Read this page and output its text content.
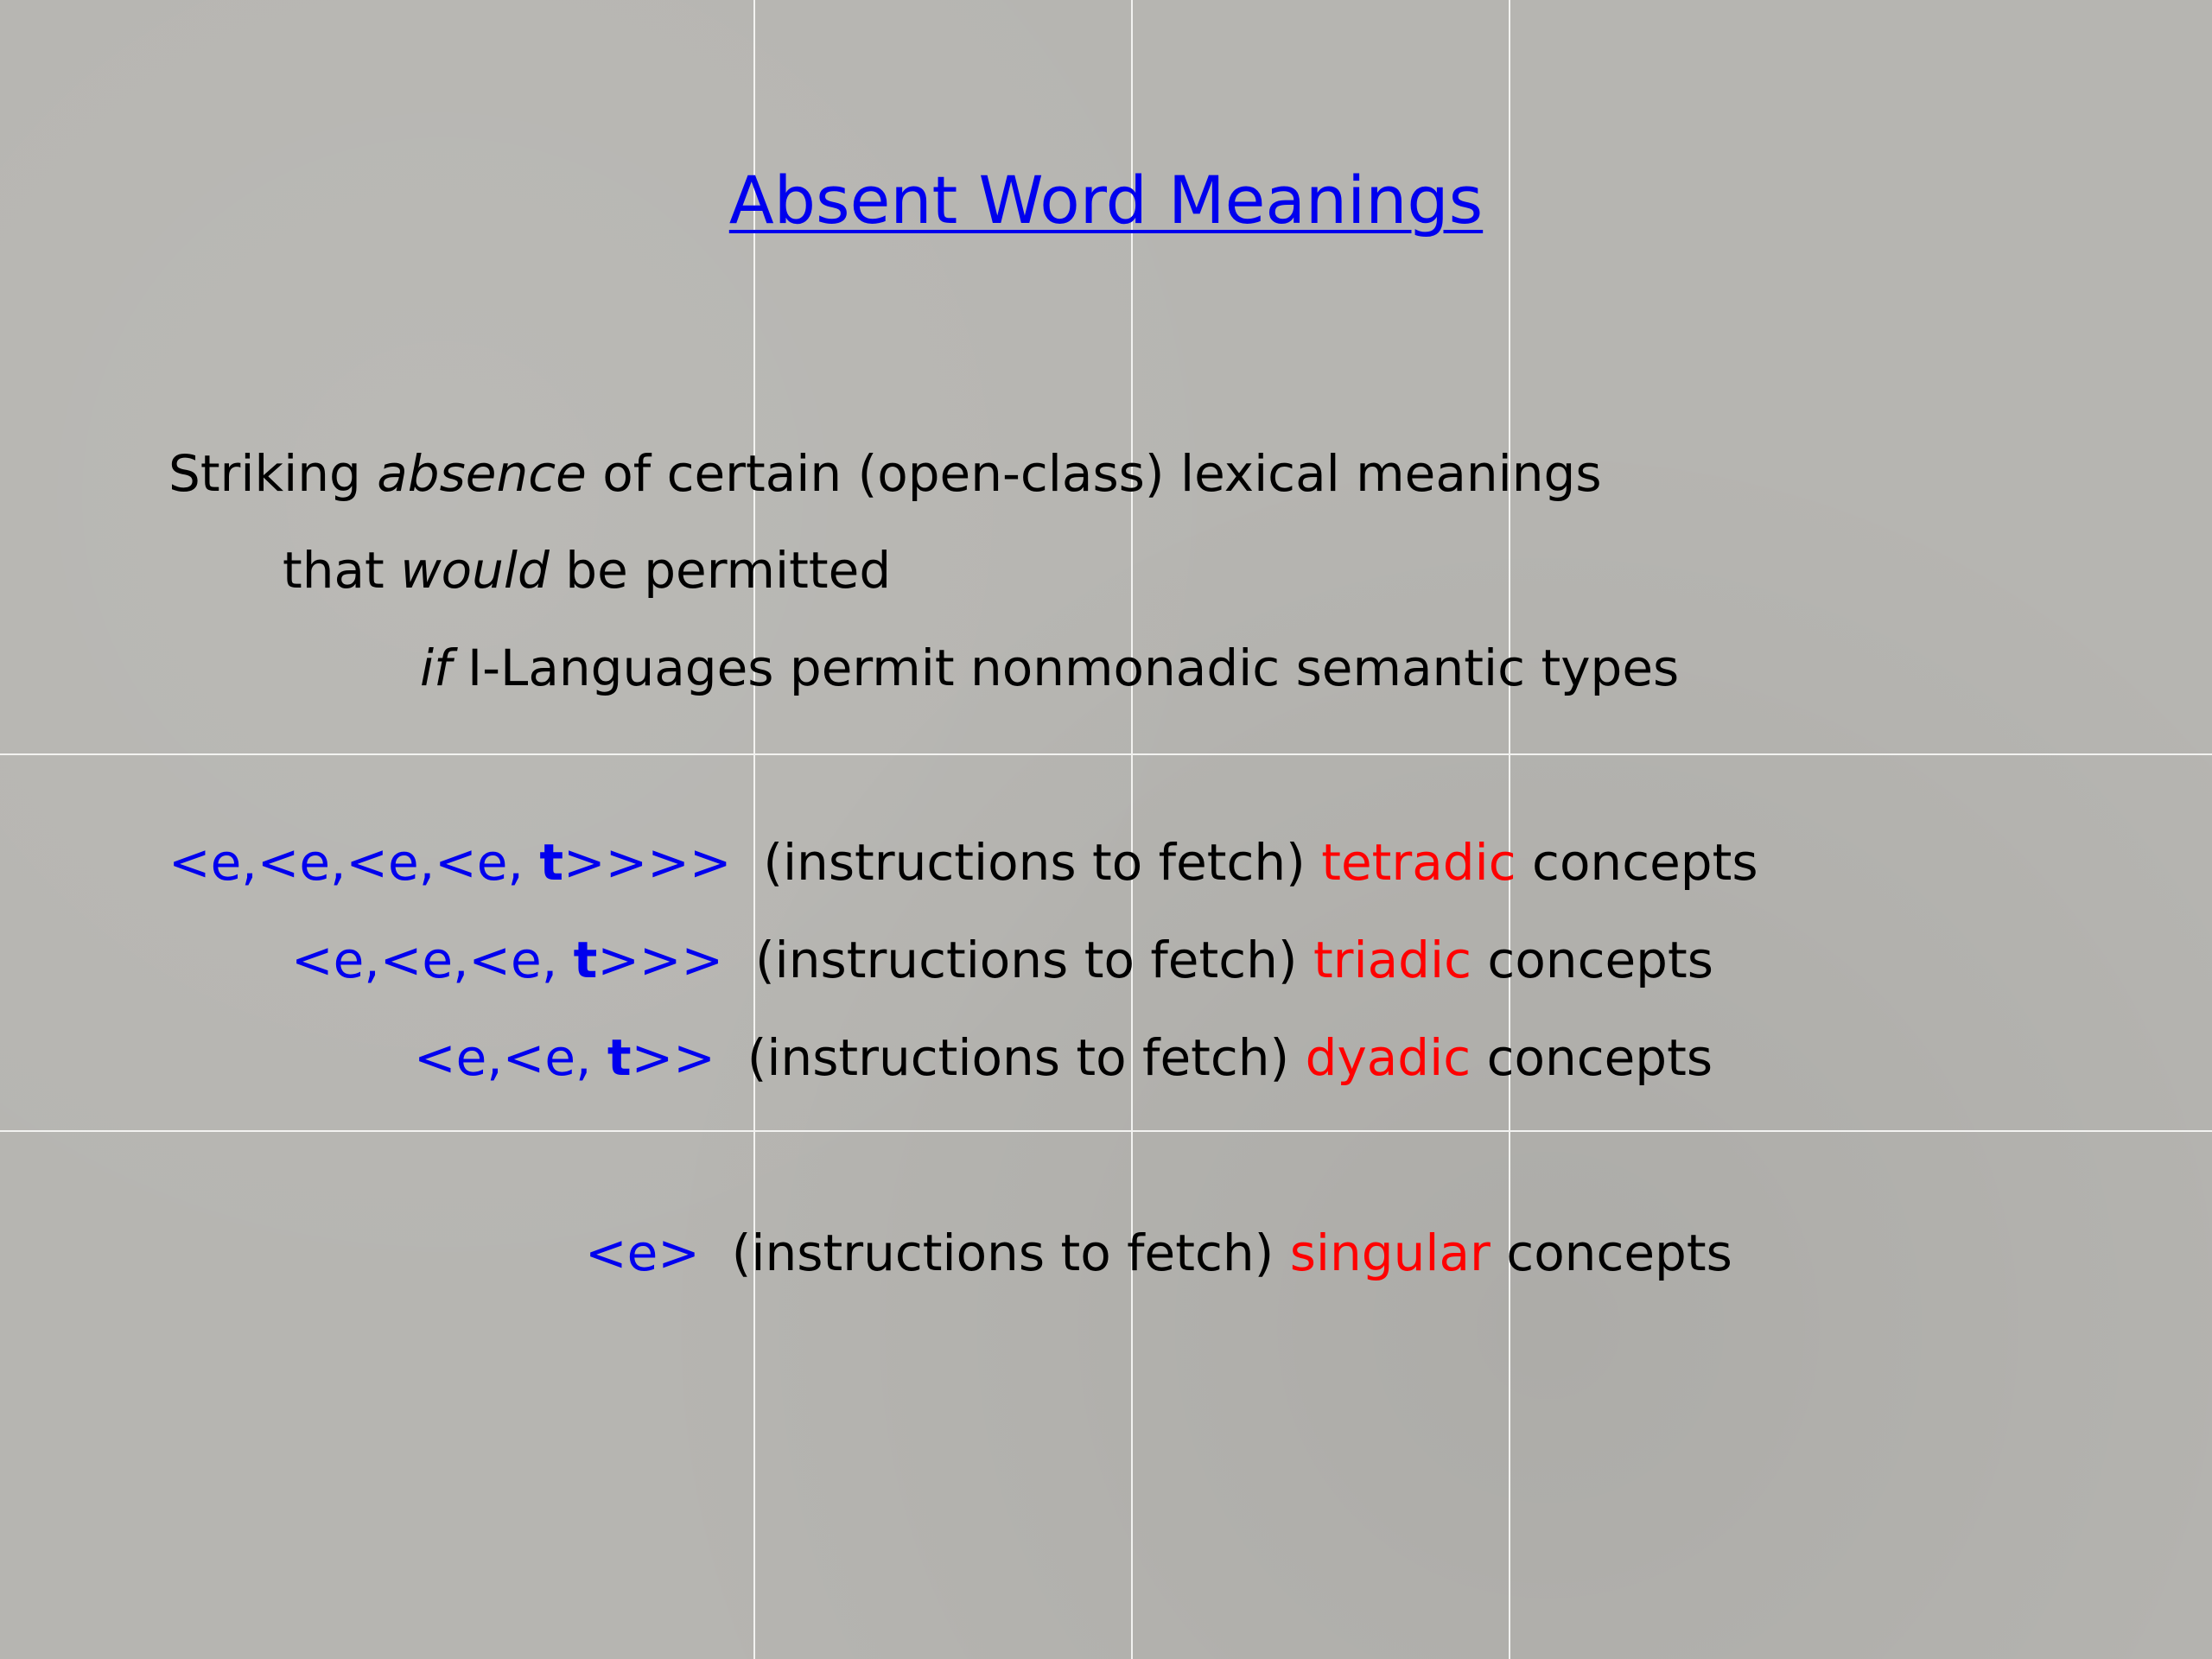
Absent Word Meanings
Striking absence of certain (open-class) lexical meanings
that would be permitted
if I-Languages permit nonmonadic semantic types
<e,<e,<e,<e, t>>>> (instructions to fetch) tetradic concepts
<e,<e,<e, t>>> (instructions to fetch) triadic concepts
<e,<e, t>> (instructions to fetch) dyadic concepts
<e> (instructions to fetch) singular concepts
